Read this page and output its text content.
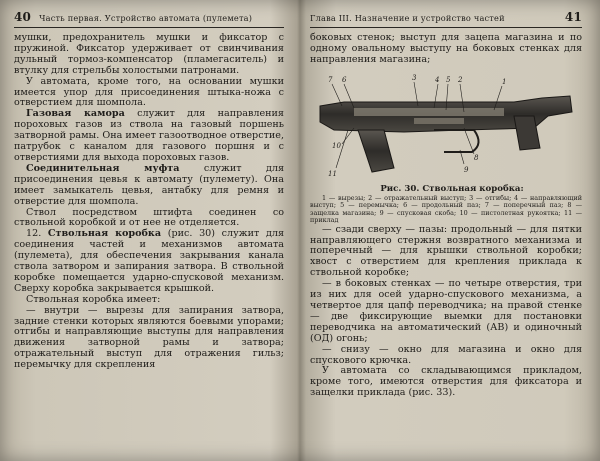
40 Часть первая. Устройство автомата (пулемета)

мушки, предохранитель мушки и фиксатор с пружиной. Фиксатор удерживает от свинчивания дульный тормоз-компенсатор (пламегаситель) и втулку для стрельбы холостыми патронами.

У автомата, кроме того, на основании мушки имеется упор для присоединения штыка-ножа с отверстием для шомпола.

Газовая камора служит для направления пороховых газов из ствола на газовый поршень затворной рамы. Она имеет газоотводное отверстие, патрубок с каналом для газового поршня и с отверстиями для выхода пороховых газов.

Соединительная муфта служит для присоединения цевья к автомату (пулемету). Она имеет замыкатель цевья, антабку для ремня и отверстие для шомпола.

Ствол посредством штифта соединен со ствольной коробкой и от нее не отделяется.

12. Ствольная коробка (рис. 30) служит для соединения частей и механизмов автомата (пулемета), для обеспечения закрывания канала ствола затвором и запирания затвора. В ствольной коробке помещается ударно-спусковой механизм. Сверху коробка закрывается крышкой.

Ствольная коробка имеет:

— внутри — вырезы для запирания затвора, задние стенки которых являются боевыми упорами; отгибы и направляющие выступы для направления движения затворной рамы и затвора; отражательный выступ для отражения гильз; перемычку для скрепления

Глава III. Назначение и устройство частей	41

боковых стенок; выступ для зацепа магазина и по одному овальному выступу на боковых стенках для направления магазина;

7 6	3	4 5 2	1
8
9
10
11

Рис. 30. Ствольная коробка:

1 — вырезы; 2 — отражательный выступ; 3 — отгибы; 4 — направляющий выступ; 5 — перемычка; 6 — продольный паз; 7 — поперечный паз; 8 — защелка магазина; 9 — спусковая скоба; 10 — пистолетная рукоятка; 11 — приклад

— сзади сверху — пазы: продольный — для пятки направляющего стержня возвратного механизма и поперечный — для крышки ствольной коробки; хвост с отверстием для крепления приклада к ствольной коробке;

— в боковых стенках — по четыре отверстия, три из них для осей ударно-спускового механизма, а четвертое для цапф переводчика; на правой стенке — две фиксирующие выемки для постановки переводчика на автоматический (АВ) и одиночный (ОД) огонь;

— снизу — окно для магазина и окно для спускового крючка.

У автомата со складывающимся прикладом, кроме того, имеются отверстия для фиксатора и защелки приклада (рис. 33).
